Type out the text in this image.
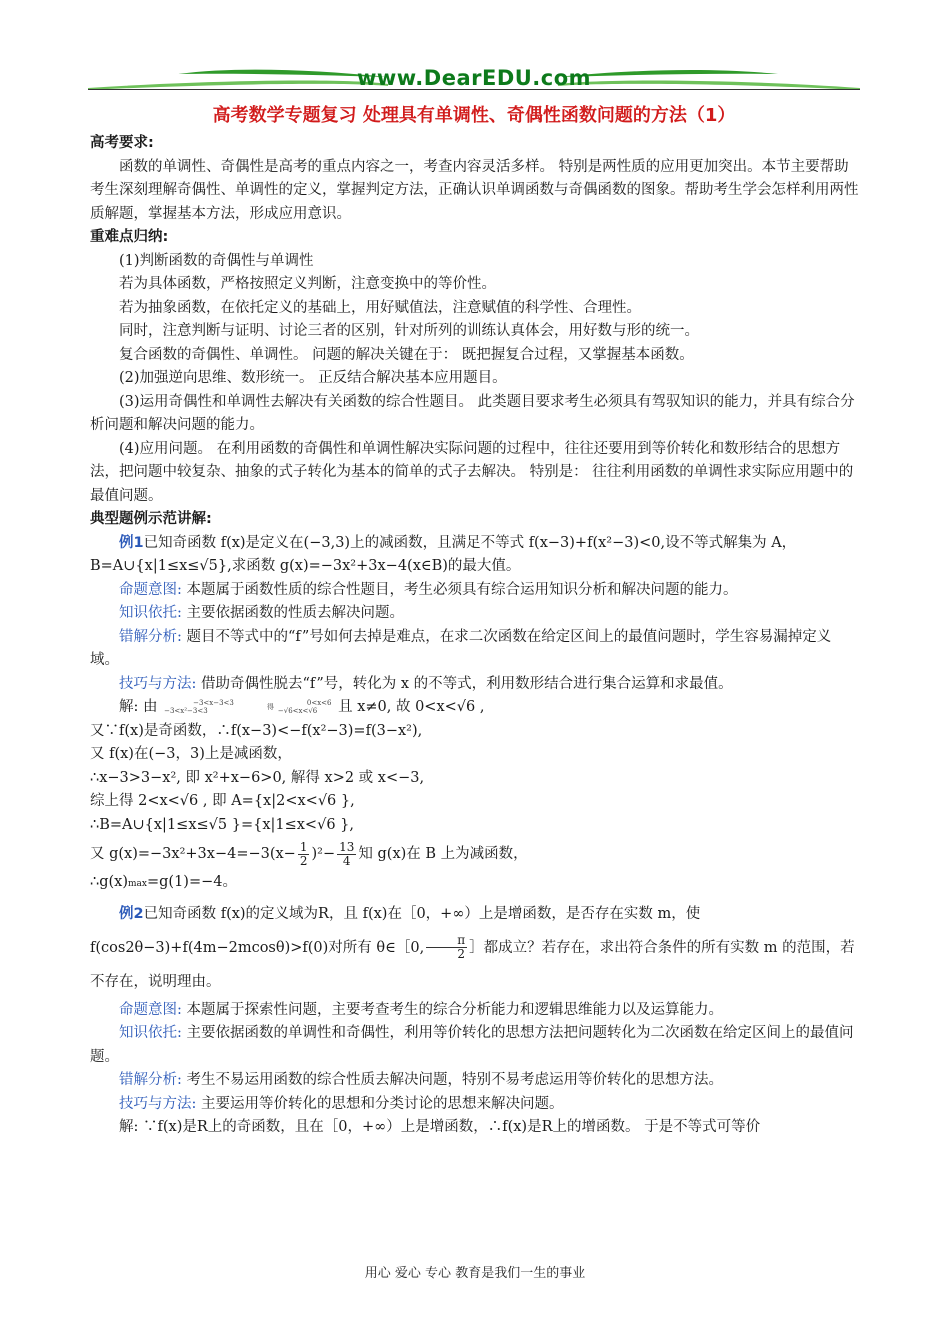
www.DearEDU.com
高考数学专题复习 处理具有单调性、奇偶性函数问题的方法（1）

高考要求:

函数的单调性、奇偶性是高考的重点内容之一，考查内容灵活多样。 特别是两性质的应用更加突出。本节主要帮助考生深刻理解奇偶性、单调性的定义，掌握判定方法，正确认识单调函数与奇偶函数的图象。帮助考生学会怎样利用两性质解题，掌握基本方法，形成应用意识。

重难点归纳:

(1)判断函数的奇偶性与单调性

若为具体函数，严格按照定义判断，注意变换中的等价性。

若为抽象函数，在依托定义的基础上，用好赋值法，注意赋值的科学性、合理性。

同时，注意判断与证明、讨论三者的区别，针对所列的训练认真体会，用好数与形的统一。

复合函数的奇偶性、单调性。 问题的解决关键在于： 既把握复合过程，又掌握基本函数。

(2)加强逆向思维、数形统一。 正反结合解决基本应用题目。

(3)运用奇偶性和单调性去解决有关函数的综合性题目。 此类题目要求考生必须具有驾驭知识的能力，并具有综合分析问题和解决问题的能力。

(4)应用问题。 在利用函数的奇偶性和单调性解决实际问题的过程中，往往还要用到等价转化和数形结合的思想方法，把问题中较复杂、抽象的式子转化为基本的简单的式子去解决。 特别是： 往往利用函数的单调性求实际应用题中的最值问题。

典型题例示范讲解:

例1已知奇函数 f(x)是定义在(−3,3)上的减函数，且满足不等式 f(x−3)+f(x²−3)<0,设不等式解集为 A，B=A∪{x|1≤x≤√5},求函数 g(x)=−3x²+3x−4(x∈B)的最大值。

命题意图: 本题属于函数性质的综合性题目，考生必须具有综合运用知识分析和解决问题的能力。

知识依托: 主要依据函数的性质去解决问题。

错解分析: 题目不等式中的“f”号如何去掉是难点，在求二次函数在给定区间上的最值问题时，学生容易漏掉定义域。

技巧与方法: 借助奇偶性脱去“f”号，转化为 x 的不等式，利用数形结合进行集合运算和求最值。

解: 由	−3<x−3<3
−3<x²−3<3	得	0<x<6
−√6<x<√6 且 x≠0, 故 0<x<√6 ,

又∵f(x)是奇函数，∴f(x−3)<−f(x²−3)=f(3−x²),

又 f(x)在(−3，3)上是减函数，

∴x−3>3−x², 即 x²+x−6>0, 解得 x>2 或 x<−3,

综上得 2<x<√6 , 即 A={x|2<x<√6 },

∴B=A∪{x|1≤x≤√5 }={x|1≤x<√6 },

又 $g(x)=-3x^2+3x-4=-3(x- \frac{1}{2} )^2- \frac{13}{4}$ 知 g(x)在 B 上为减函数，

∴g(x)max=g(1)=−4。

例2已知奇函数 f(x)的定义域为R，且 f(x)在［0，+∞）上是增函数，是否存在实数 m，使 f(cos2θ−3)+f(4m−2mcosθ)>f(0)对所有 θ∈［0, $\frac{\pi}{2}$ ］都成立？若存在，求出符合条件的所有实数 m 的范围，若不存在，说明理由。

命题意图: 本题属于探索性问题，主要考查考生的综合分析能力和逻辑思维能力以及运算能力。

知识依托: 主要依据函数的单调性和奇偶性，利用等价转化的思想方法把问题转化为二次函数在给定区间上的最值问题。

错解分析: 考生不易运用函数的综合性质去解决问题，特别不易考虑运用等价转化的思想方法。

技巧与方法: 主要运用等价转化的思想和分类讨论的思想来解决问题。

解: ∵f(x)是R上的奇函数，且在［0，+∞）上是增函数，∴f(x)是R上的增函数。 于是不等式可等价

用心 爱心 专心 教育是我们一生的事业
